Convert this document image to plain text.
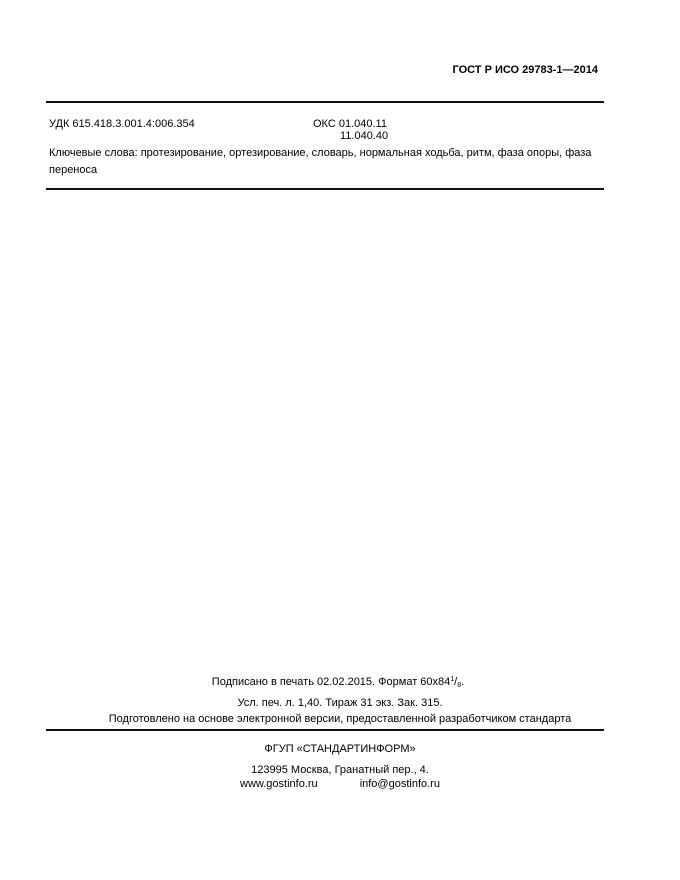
ГОСТ Р ИСО 29783-1—2014
УДК 615.418.3.001.4:006.354	ОКС 01.040.11
11.040.40
Ключевые слова: протезирование, ортезирование, словарь, нормальная ходьба, ритм, фаза опоры, фаза переноса
Подписано в печать 02.02.2015. Формат $60x84^1/_8$.
Усл. печ. л. 1,40. Тираж 31 экз. Зак. 315.
Подготовлено на основе электронной версии, предоставленной разработчиком стандарта
ФГУП «СТАНДАРТИНФОРМ»
123995 Москва, Гранатный пер., 4.
www.gostinfo.ru	info@gostinfo.ru
